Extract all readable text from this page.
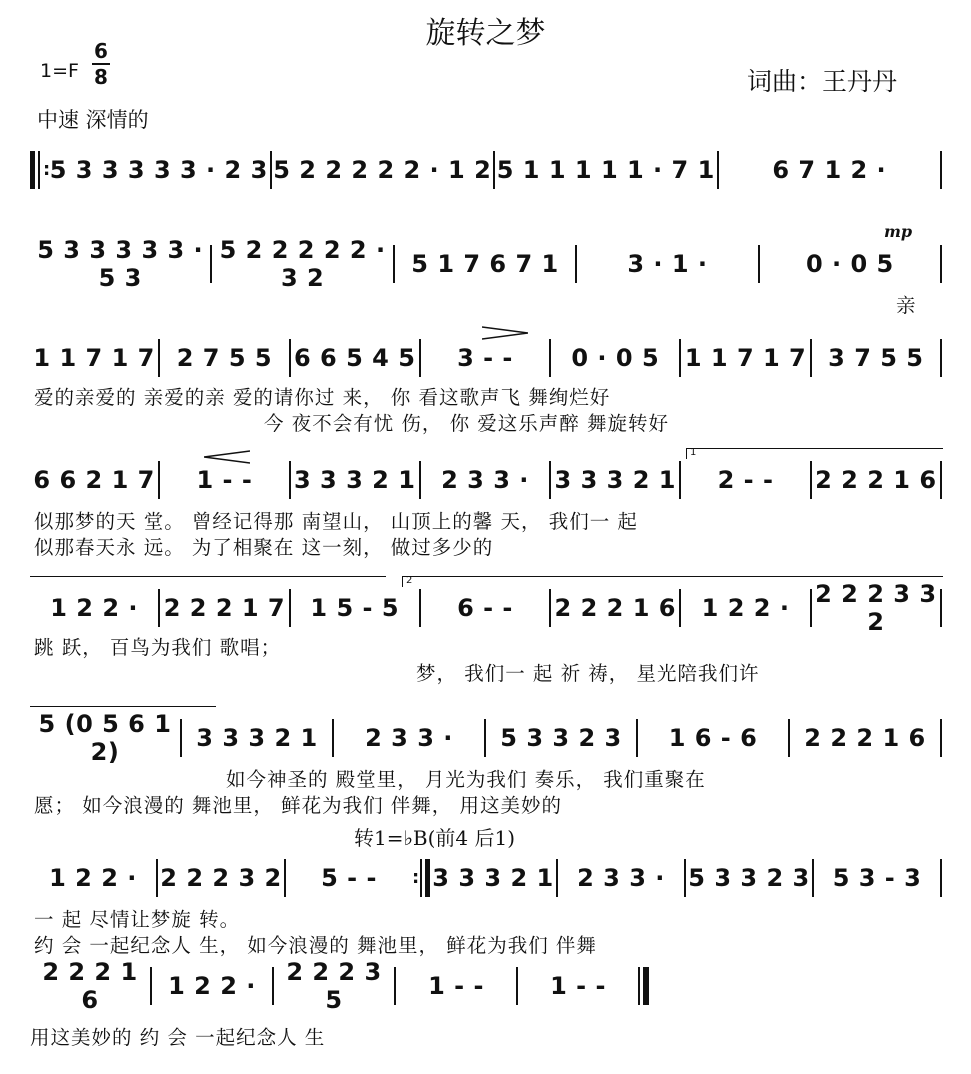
旋转之梦
词曲：王丹丹
1=F
6
8
中速 深情的
: 5 3 3 3 3 3 · 2 3 5 2 2 2 2 2 · 1 2 5 1 1 1 1 1 · 7 1	6 7 1 2 ·
5 3 3 3 3 3 · 5 3
5 2 2 2 2 2 · 3 2	5 1 7 6 7 1	3 · 1 ·	0 · 0 5
mp
亲
1 1 7 1 7 2 7 5 5 6 6 5 4 5	3 - -	0 · 0 5	1 1 7 1 7 3 7 5 5
爱的亲爱的 亲爱的亲 爱的请你过 来， 你 看这歌声飞 舞绚烂好
今 夜不会有忧 伤， 你 爱这乐声醉 舞旋转好
1
6 6 2 1 7	1 - -	3 3 3 2 1	2 3 3 ·	3 3 3 2 1	2 - -	2 2 2 1 6
似那梦的天 堂。 曾经记得那 南望山， 山顶上的馨 天， 我们一 起
似那春天永 远。 为了相聚在 这一刻， 做过多少的
2
1 2 2 ·	2 2 2 1 7	1 5 - 5	6 - -	2 2 2 1 6	1 2 2 ·	2 2 2 3 3 2
跳 跃， 百鸟为我们 歌唱；
梦， 我们一 起 祈 祷， 星光陪我们许
5 (0 5 6 1 2)	3 3 3 2 1	2 3 3 ·	5 3 3 2 3	1 6 - 6	2 2 2 1 6
如今神圣的 殿堂里， 月光为我们 奏乐， 我们重聚在
愿； 如今浪漫的 舞池里， 鲜花为我们 伴舞， 用这美妙的
转1=♭B(前4 后1)
1 2 2 · 2 2 2 3 2	5 - -	: 3 3 3 2 1 2 3 3 · 5 3 3 2 3 5 3 - 3
一 起 尽情让梦旋 转。
约 会 一起纪念人 生， 如今浪漫的 舞池里， 鲜花为我们 伴舞
2 2 2 1 6	1 2 2 ·	2 2 2 3 5	1 - -	1 - -
用这美妙的 约 会 一起纪念人 生
